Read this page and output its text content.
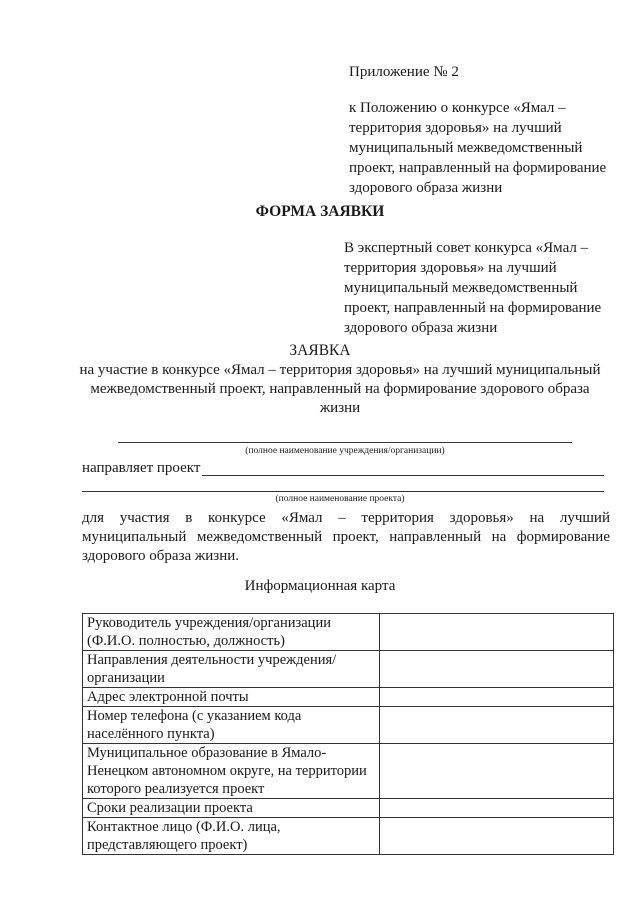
Приложение № 2
к Положению о конкурсе «Ямал – территория здоровья» на лучший муниципальный межведомственный проект, направленный на формирование здорового образа жизни
ФОРМА ЗАЯВКИ
В экспертный совет конкурса «Ямал – территория здоровья» на лучший муниципальный межведомственный проект, направленный на формирование здорового образа жизни
ЗАЯВКА
на участие в конкурсе «Ямал – территория здоровья» на лучший муниципальный межведомственный проект, направленный на формирование здорового образа жизни
(полное наименование учреждения/организации)
направляет проект
(полное наименование проекта)
для участия в конкурсе «Ямал – территория здоровья» на лучший муниципальный межведомственный проект, направленный на формирование здорового образа жизни.
Информационная карта
Руководитель учреждения/организации (Ф.И.О. полностью, должность)	
Направления деятельности учреждения/организации	
Адрес электронной почты	
Номер телефона (с указанием кода населённого пункта)	
Муниципальное образование в Ямало-Ненецком автономном округе, на территории которого реализуется проект	
Сроки реализации проекта	
Контактное лицо (Ф.И.О. лица, представляющего проект)	
